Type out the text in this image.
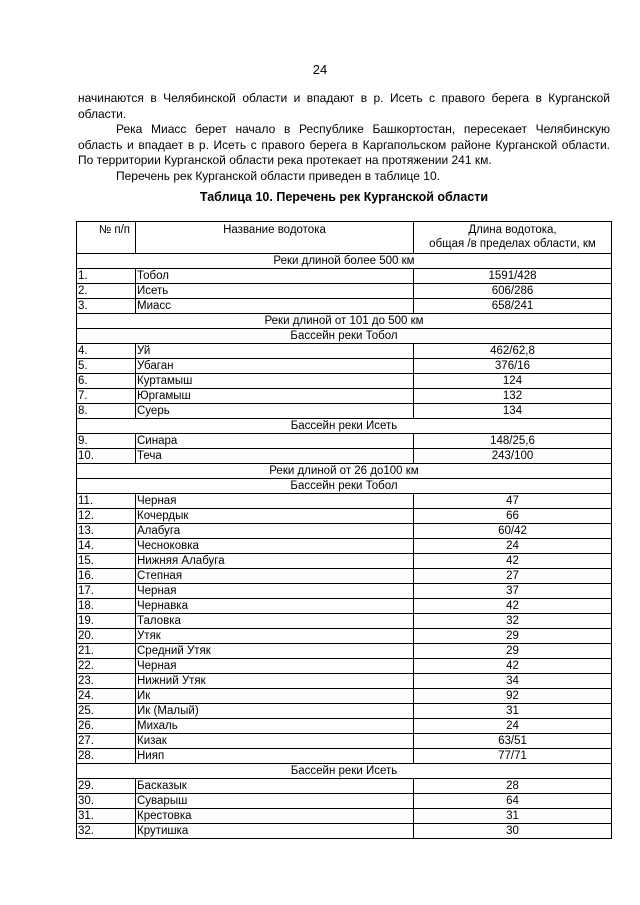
24

начинаются в Челябинской области и впадают в р. Исеть с правого берега в Курганской области.

Река Миасс берет начало в Республике Башкортостан, пересекает Челябинскую область и впадает в р. Исеть с правого берега в Каргапольском районе Курганской области. По территории Курганской области река протекает на протяжении 241 км.

Перечень рек Курганской области приведен в таблице 10.

Таблица 10. Перечень рек Курганской области
№ п/п	Название водотока	Длина водотока,
общая /в пределах области, км
Реки длиной более 500 км		
1.	Тобол	1591/428
2.	Исеть	606/286
3.	Миасс	658/241
Реки длиной от 101 до 500 км		
Бассейн реки Тобол		
4.	Уй	462/62,8
5.	Убаган	376/16
6.	Куртамыш	124
7.	Юргамыш	132
8.	Суерь	134
Бассейн реки Исеть		
9.	Синара	148/25,6
10.	Теча	243/100
Реки длиной от 26 до100 км		
Бассейн реки Тобол		
11.	Черная	47
12.	Кочердык	66
13.	Алабуга	60/42
14.	Чесноковка	24
15.	Нижняя Алабуга	42
16.	Степная	27
17.	Черная	37
18.	Чернавка	42
19.	Таловка	32
20.	Утяк	29
21.	Средний Утяк	29
22.	Черная	42
23.	Нижний Утяк	34
24.	Ик	92
25.	Ик (Малый)	31
26.	Михаль	24
27.	Кизак	63/51
28.	Нияп	77/71
Бассейн реки Исеть		
29.	Басказык	28
30.	Суварыш	64
31.	Крестовка	31
32.	Крутишка	30
